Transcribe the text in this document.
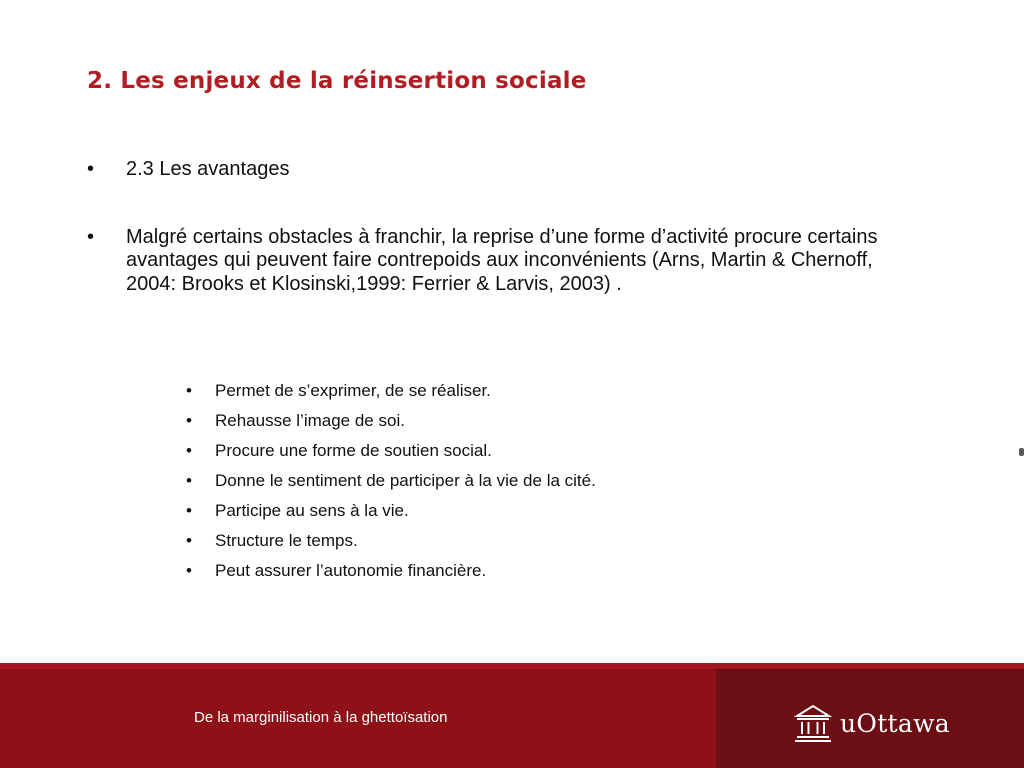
2. Les enjeux de la réinsertion sociale
• 2.3 Les avantages
• Malgré certains obstacles à franchir, la reprise d’une forme d’activité procure certains avantages qui peuvent faire contrepoids aux inconvénients (Arns, Martin & Chernoff, 2004: Brooks et Klosinski,1999: Ferrier & Larvis, 2003) .
• Permet de s’exprimer, de se réaliser.
• Rehausse l’image de soi.
• Procure une forme de soutien social.
• Donne le sentiment de participer à la vie de la cité.
• Participe au sens à la vie.
• Structure le temps.
• Peut assurer l’autonomie financière.
De la marginilisation à la ghettoïsation	uOttawa
